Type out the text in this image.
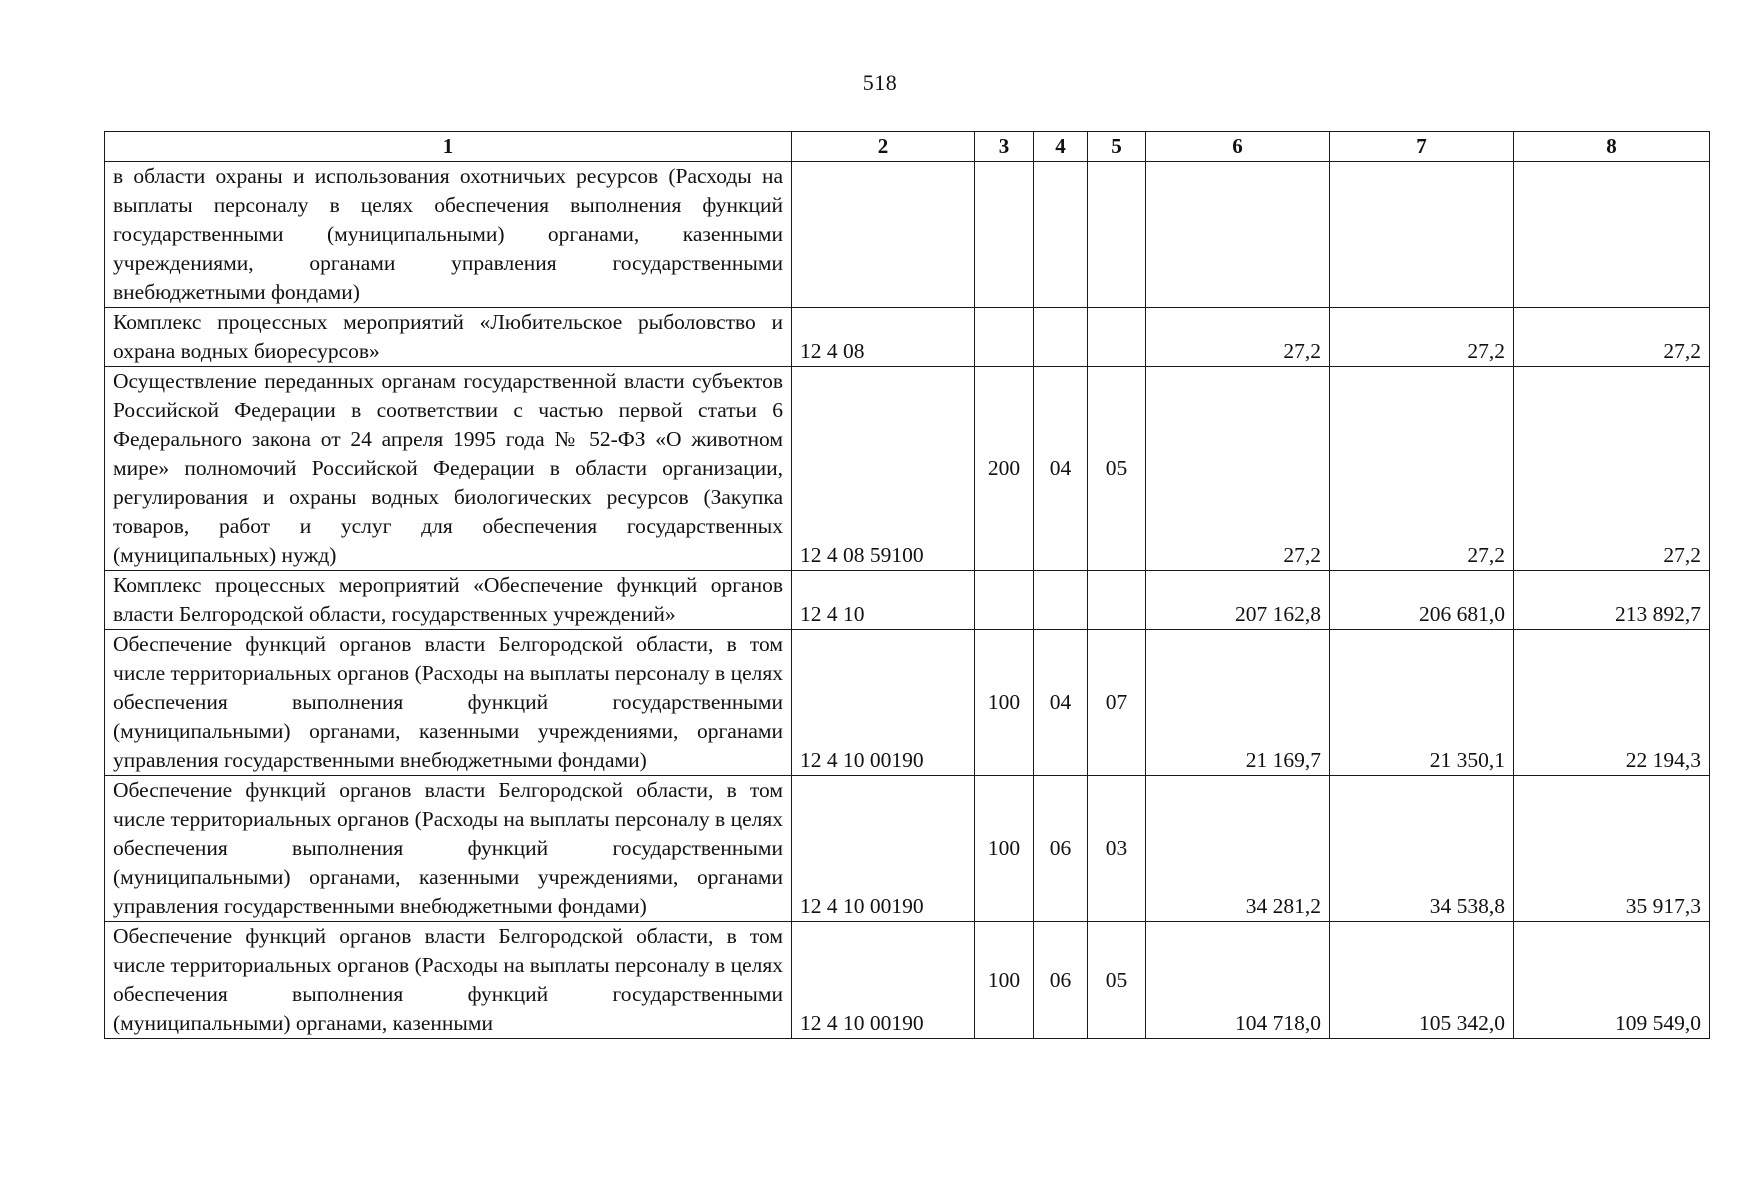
518
1	2	3	4	5	6	7	8
в области охраны и использования охотничьих ресурсов (Расходы на выплаты персоналу в целях обеспечения выполнения функций государственными (муниципальными) органами, казенными учреждениями, органами управления государственными внебюджетными фондами)							
Комплекс процессных мероприятий «Любительское рыболовство и охрана водных биоресурсов»	12 4 08				27,2	27,2	27,2
Осуществление переданных органам государственной власти субъектов Российской Федерации в соответствии с частью первой статьи 6 Федерального закона от 24 апреля 1995 года № 52-ФЗ «О животном мире» полномочий Российской Федерации в области организации, регулирования и охраны водных биологических ресурсов (Закупка товаров, работ и услуг для обеспечения государственных (муниципальных) нужд)	12 4 08 59100	200	04	05	27,2	27,2	27,2
Комплекс процессных мероприятий «Обеспечение функций органов власти Белгородской области, государственных учреждений»	12 4 10				207 162,8	206 681,0	213 892,7
Обеспечение функций органов власти Белгородской области, в том числе территориальных органов (Расходы на выплаты персоналу в целях обеспечения выполнения функций государственными (муниципальными) органами, казенными учреждениями, органами управления государственными внебюджетными фондами)	12 4 10 00190	100	04	07	21 169,7	21 350,1	22 194,3
Обеспечение функций органов власти Белгородской области, в том числе территориальных органов (Расходы на выплаты персоналу в целях обеспечения выполнения функций государственными (муниципальными) органами, казенными учреждениями, органами управления государственными внебюджетными фондами)	12 4 10 00190	100	06	03	34 281,2	34 538,8	35 917,3
Обеспечение функций органов власти Белгородской области, в том числе территориальных органов (Расходы на выплаты персоналу в целях обеспечения выполнения функций государственными (муниципальными) органами, казенными	12 4 10 00190	100	06	05	104 718,0	105 342,0	109 549,0
